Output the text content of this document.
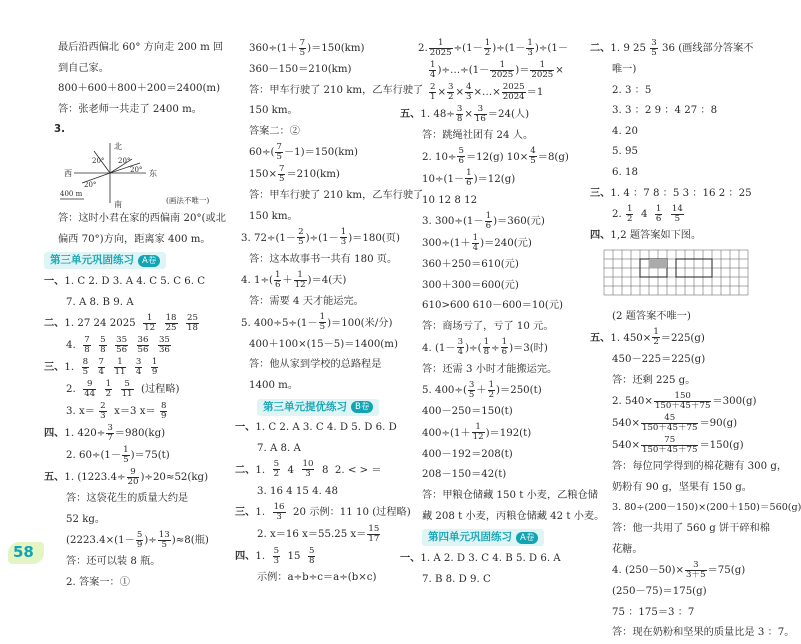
最后沿西偏北 60° 方向走 200 m 回
到自己家。
800＋600＋800＋200＝2400(m)
答：张老师一共走了 2400 m。
3.
北
南
西	东
20° 20°
20°
20°
400 m
(画法不唯一)
答：这时小君在家的西偏南 20°(或北
偏西 70°)方向，距离家 400 m。
第三单元巩固练习 A卷
一、1. C 2. D 3. A 4. C 5. C 6. C
7. A 8. B 9. A
二、1. 27 24 $2025 \frac{1}{12}$
$\frac{18}{25}$
$\frac{25}{18}$
4. $\frac{7}{8}$
$\frac{5}{8}$
$\frac{35}{56}$
$\frac{36}{56}$
$\frac{35}{36}$
三、1. $\frac{8}{5}$
$\frac{7}{4}$
$\frac{1}{11}$
$\frac{3}{4}$
$\frac{1}{9}$
2. $\frac{9}{44}$
$\frac{1}{2}$
$\frac{5}{11}$ (过程略)
3. $x= \frac{2}{3} x=3$ $x= \frac{8}{9}$
四、1. $420\div \frac{3}{7} =980(kg)$
2. $60\div(1- \frac{1}{5} )=75(t)$
五、1. $(1223.4\div \frac{9}{20} )\div 20\approx 52(kg)$
答：这袋花生的质量大约是
52 kg。
($2223.4\times(1- \frac{5}{9}$ )÷ $\frac{13}{5} )\approx 8$(瓶)
答：还可以装 8 瓶。
2. 答案一：①
$360\div(1+ \frac{7}{5} )=150(km)$
360－150＝210(km)
答：甲车行驶了 210 km，乙车行驶了
150 km。
答案二：②
$60\div( \frac{7}{5} -1)=150(km)$
$150\times \frac{7}{5} =210(km)$
答：甲车行驶了 210 km，乙车行驶了
150 km。
3. $72\div(1- \frac{2}{5} )\div(1- \frac{1}{3} )=180$(页)
答：这本故事书一共有 180 页。
4. $1\div( \frac{1}{6} + \frac{1}{12} )=4$(天)
答：需要 4 天才能运完。
5. $400\div 5\div(1- \frac{1}{5} )=100$(米/分)
400＋100×(15－5)＝1400(m)
答：他从家到学校的总路程是
1400 m。
第三单元提优练习 B卷
一、1. C 2. A 3. C 4. D 5. D 6. D
7. A 8. A
二、1. $\frac{5}{2} 4 \frac{10}{3} 8$ 2. < > ＝
3. 16 4 15 4. 48
三、1. $\frac{16}{3} 20$ 示例：11 10 (过程略)
2. x＝16 x＝55.25 $x= \frac{15}{17}$
四、1. $\frac{5}{3} 15 \frac{5}{8}$
示例：a÷b÷c＝a÷(b×c)
2. $\frac{1}{2025} \div(1- \frac{1}{2} )\div(1- \frac{1}{3} )\div(1-$
$\frac{1}{4}$ )÷…÷(1－ $\frac{1}{2025}$ )＝ $\frac{1}{2025}$ ×
$\frac{2}{1} \times \frac{3}{2} \times \frac{4}{3}$ ×…× $\frac{2025}{2024} =1$
五、1. $48\div \frac{3}{8} \times \frac{3}{16} =24$(人)
答：跳绳社团有 24 人。
2. $10\div \frac{5}{6} =12(g)$ $10\times \frac{4}{5} =8(g)$
$10\div(1- \frac{1}{6} )=12(g)$
10 12 8 12
3. $300\div(1- \frac{1}{6} )=360$(元)
$300\div(1+ \frac{1}{4} )=240$(元)
360＋250＝610(元)
300＋300＝600(元)
610>600 610－600＝10(元)
答：商场亏了，亏了 10 元。
4. ($1- \frac{3}{4}$ )÷( $\frac{1}{8} \div \frac{1}{6} )=3$(时)
答：还需 3 小时才能搬运完。
5. $400\div( \frac{3}{5} + \frac{1}{2} )=250(t)$
400－250＝150(t)
$400\div(1+ \frac{1}{12} )=192(t)$
400－192＝208(t)
208－150＝42(t)
答：甲粮仓储藏 150 t 小麦，乙粮仓储
藏 208 t 小麦，丙粮仓储藏 42 t 小麦。
第四单元巩固练习 A卷
一、1. A 2. D 3. C 4. B 5. D 6. A
7. B 8. D 9. C
二、1. 9 $25 \frac{3}{5} 36$ (画线部分答案不
唯一)
2. 3 ：5
3. 3 ：2 9 ：4 27 ：8
4. 20
5. 95
6. 18
三、1. 4 ：7 8 ：5 3 ：16 2 ：25
2. $\frac{1}{2} 4 \frac{1}{6}$
$\frac{14}{5}$
四、1,2 题答案如下图。
(2 题答案不唯一)
五、1. $450\times \frac{1}{2} =225(g)$
450－225＝225(g)
答：还剩 225 g。
2. $540\times \frac{150}{150+45+75} =300(g)$
$540\times \frac{45}{150+45+75} =90(g)$
$540\times \frac{75}{150+45+75} =150(g)$
答：每位同学得到的棉花糖有 300 g，
奶粉有 90 g，坚果有 150 g。
3. 80÷(200－150)×(200＋150)＝560(g)
答：他一共用了 560 g 饼干碎和棉
花糖。
4. $(250-50)\times \frac{3}{3+5} =75(g)$
(250－75)＝175(g)
75 ：175＝3 ：7
答：现在奶粉和坚果的质量比是 3 ：7。
58
